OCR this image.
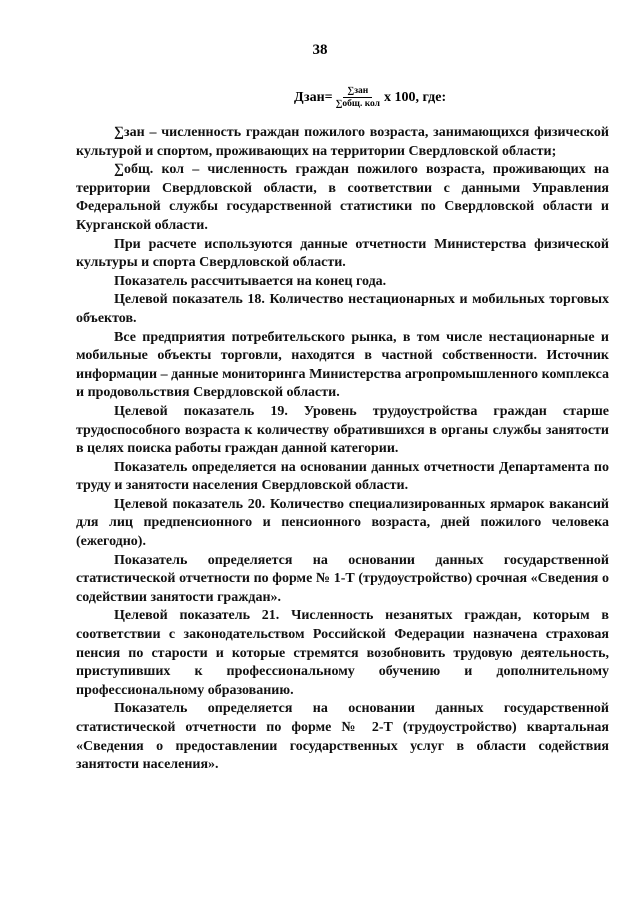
38
Дзан= $\frac{\text{∑зан}}{\text{∑общ. кол}}$ х 100, где:

∑зан – численность граждан пожилого возраста, занимающихся физической культурой и спортом, проживающих на территории Свердловской области;

∑общ. кол – численность граждан пожилого возраста, проживающих на территории Свердловской области, в соответствии с данными Управления Федеральной службы государственной статистики по Свердловской области и Курганской области.

При расчете используются данные отчетности Министерства физической культуры и спорта Свердловской области.

Показатель рассчитывается на конец года.

Целевой показатель 18. Количество нестационарных и мобильных торговых объектов.

Все предприятия потребительского рынка, в том числе нестационарные и мобильные объекты торговли, находятся в частной собственности. Источник информации – данные мониторинга Министерства агропромышленного комплекса и продовольствия Свердловской области.

Целевой показатель 19. Уровень трудоустройства граждан старше трудоспособного возраста к количеству обратившихся в органы службы занятости в целях поиска работы граждан данной категории.

Показатель определяется на основании данных отчетности Департамента по труду и занятости населения Свердловской области.

Целевой показатель 20. Количество специализированных ярмарок вакансий для лиц предпенсионного и пенсионного возраста, дней пожилого человека (ежегодно).

Показатель определяется на основании данных государственной статистической отчетности по форме № 1-Т (трудоустройство) срочная «Сведения о содействии занятости граждан».

Целевой показатель 21. Численность незанятых граждан, которым в соответствии с законодательством Российской Федерации назначена страховая пенсия по старости и которые стремятся возобновить трудовую деятельность, приступивших к профессиональному обучению и дополнительному профессиональному образованию.

Показатель определяется на основании данных государственной статистической отчетности по форме № 2-Т (трудоустройство) квартальная «Сведения о предоставлении государственных услуг в области содействия занятости населения».
